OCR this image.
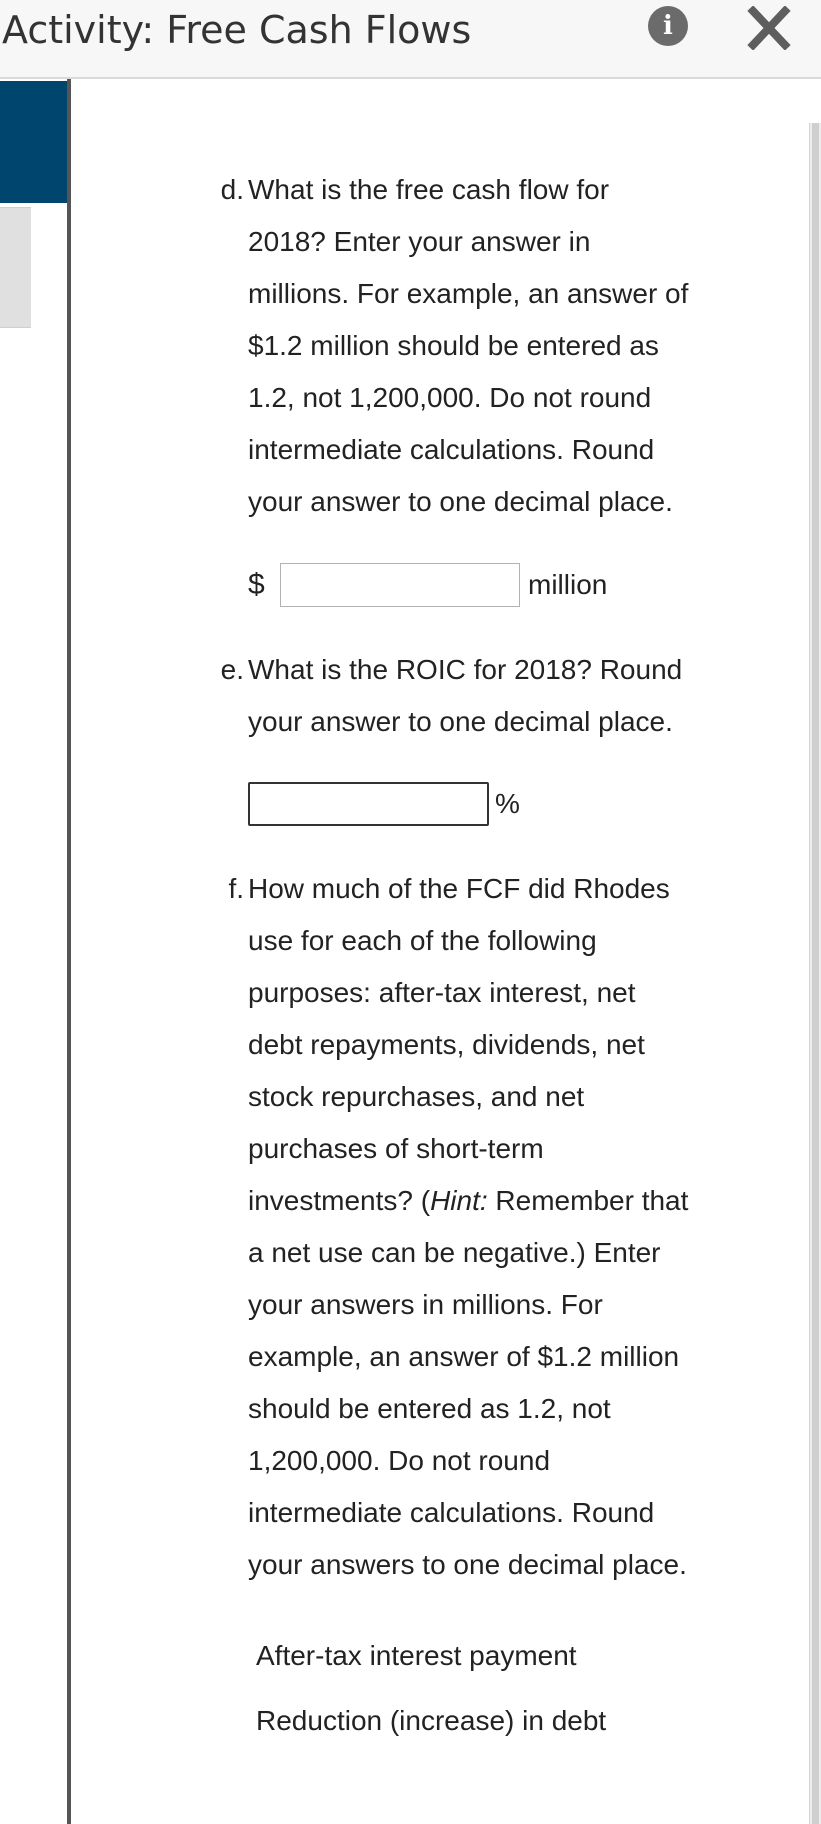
Activity: Free Cash Flows	i
d. What is the free cash flow for
2018? Enter your answer in
millions. For example, an answer of
$1.2 million should be entered as
1.2, not 1,200,000. Do not round
intermediate calculations. Round
your answer to one decimal place.
$	million
e. What is the ROIC for 2018? Round
your answer to one decimal place.
%
f. How much of the FCF did Rhodes
use for each of the following
purposes: after-tax interest, net
debt repayments, dividends, net
stock repurchases, and net
purchases of short-term
investments? (Hint: Remember that
a net use can be negative.) Enter
your answers in millions. For
example, an answer of $1.2 million
should be entered as 1.2, not
1,200,000. Do not round
intermediate calculations. Round
your answers to one decimal place.
After-tax interest payment
Reduction (increase) in debt
